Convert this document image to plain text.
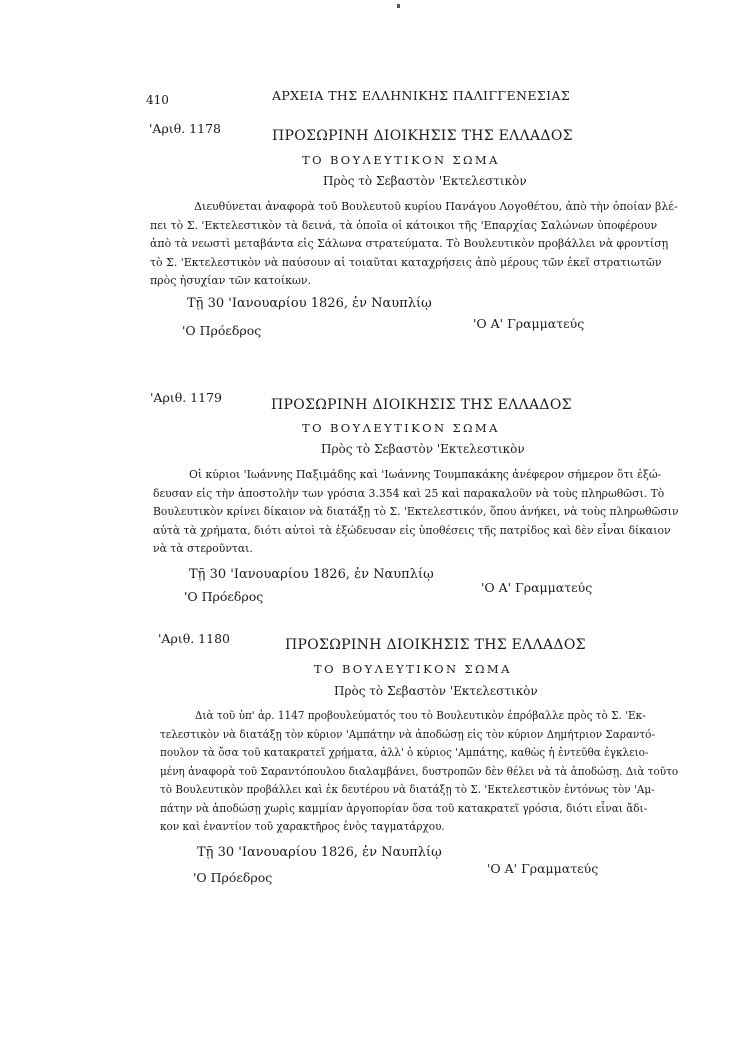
410	ΑΡΧΕΙΑ ΤΗΣ ΕΛΛΗΝΙΚΗΣ ΠΑΛΙΓΓΕΝΕΣΙΑΣ
'Αριθ. 1178	ΠΡΟΣΩΡΙΝΗ ΔΙΟΙΚΗΣΙΣ ΤΗΣ ΕΛΛΑΔΟΣ
ΤΟ ΒΟΥΛΕΥΤΙΚΟΝ ΣΩΜΑ
Πρὸς τὸ Σεβαστὸν 'Εκτελεστικὸν
Διευθύνεται ἀναφορὰ τοῦ Βουλευτοῦ κυρίου Πανάγου Λογοθέτου, ἀπὸ τὴν ὁποίαν βλέ-
πει τὸ Σ. 'Εκτελεστικὸν τὰ δεινά, τὰ ὁποῖα οἱ κάτοικοι τῆς 'Επαρχίας Σαλώνων ὑποφέρουν
ἀπὸ τὰ νεωστὶ μεταβάντα εἰς Σάλωνα στρατεύματα. Τὸ Βουλευτικὸν προβάλλει νὰ φροντίσῃ
τὸ Σ. 'Εκτελεστικὸν νὰ παύσουν αἱ τοιαῦται καταχρήσεις ἀπὸ μέρους τῶν ἐκεῖ στρατιωτῶν
πρὸς ἡσυχίαν τῶν κατοίκων.
Τῇ 30 'Ιανουαρίου 1826, ἐν Ναυπλίῳ
'Ο Πρόεδρος	'Ο Α' Γραμματεύς
'Αριθ. 1179	ΠΡΟΣΩΡΙΝΗ ΔΙΟΙΚΗΣΙΣ ΤΗΣ ΕΛΛΑΔΟΣ
ΤΟ ΒΟΥΛΕΥΤΙΚΟΝ ΣΩΜΑ
Πρὸς τὸ Σεβαστὸν 'Εκτελεστικὸν
Οἱ κύριοι 'Ιωάννης Παξιμάδης καὶ 'Ιωάννης Τουμπακάκης ἀνέφερον σήμερον ὅτι ἐξώ-
δευσαν εἰς τὴν ἀποστολὴν των γρόσια 3.354 καὶ 25 καὶ παρακαλοῦν νὰ τοὺς πληρωθῶσι. Τὸ
Βουλευτικὸν κρίνει δίκαιον νὰ διατάξῃ τὸ Σ. 'Εκτελεστικόν, ὅπου ἀνήκει, νὰ τοὺς πληρωθῶσιν
αὐτὰ τὰ χρήματα, διότι αὐτοὶ τὰ ἐξώδευσαν εἰς ὑποθέσεις τῆς πατρίδος καὶ δὲν εἶναι δίκαιον
νὰ τὰ στεροῦνται.
Τῇ 30 'Ιανουαρίου 1826, ἐν Ναυπλίῳ
'Ο Πρόεδρος
'Ο Α' Γραμματεύς
'Αριθ. 1180	ΠΡΟΣΩΡΙΝΗ ΔΙΟΙΚΗΣΙΣ ΤΗΣ ΕΛΛΑΔΟΣ
ΤΟ ΒΟΥΛΕΥΤΙΚΟΝ ΣΩΜΑ
Πρὸς τὸ Σεβαστὸν 'Εκτελεστικὸν
Διὰ τοῦ ὑπ' ἀρ. 1147 προβουλεύματός του τὸ Βουλευτικὸν ἐπρόβαλλε πρὸς τὸ Σ. 'Εκ-
τελεστικὸν νὰ διατάξῃ τὸν κύριον 'Αμπάτην νὰ ἀποδώσῃ εἰς τὸν κύριον Δημήτριον Σαραντό-
πουλον τὰ ὅσα τοῦ κατακρατεῖ χρήματα, ἀλλ' ὁ κύριος 'Αμπάτης, καθὼς ἡ ἐντεῦθα ἐγκλειο-
μένη ἀναφορὰ τοῦ Σαραντόπουλου διαλαμβάνει, δυστροπῶν δὲν θέλει νὰ τὰ ἀποδώσῃ. Διὰ τοῦτο
τὸ Βουλευτικὸν προβάλλει καὶ ἐκ δευτέρου νὰ διατάξῃ τὸ Σ. 'Εκτελεστικὸν ἐντόνως τὸν 'Αμ-
πάτην νὰ ἀποδώσῃ χωρὶς καμμίαν ἀργοπορίαν ὅσα τοῦ κατακρατεῖ γρόσια, διότι εἶναι ἄδι-
κον καὶ ἐναντίον τοῦ χαρακτῆρος ἑνὸς ταγματάρχου.
Τῇ 30 'Ιανουαρίου 1826, ἐν Ναυπλίῳ
'Ο Πρόεδρος
'Ο Α' Γραμματεύς
